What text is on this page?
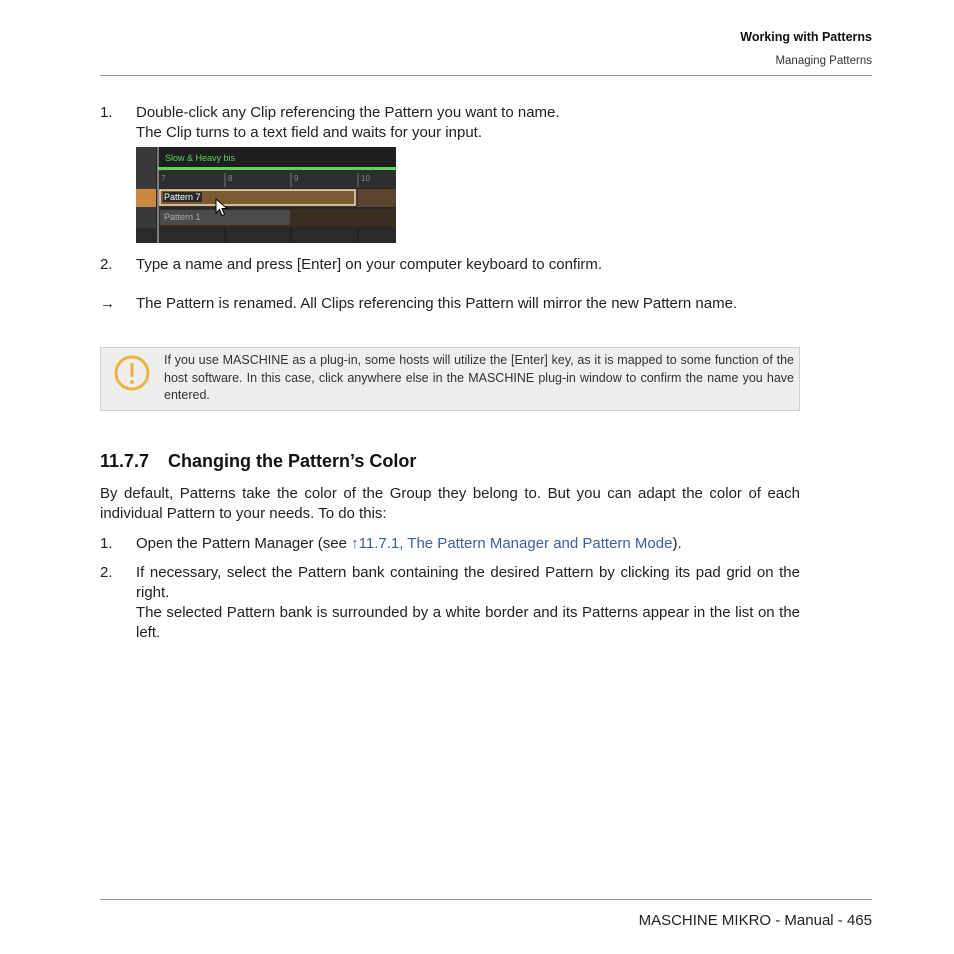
Working with Patterns
Managing Patterns
1. Double-click any Clip referencing the Pattern you want to name.
The Clip turns to a text field and waits for your input.
Slow & Heavy bis
7	8	9	10
Pattern 7
Pattern 1
2. Type a name and press [Enter] on your computer keyboard to confirm.
→ The Pattern is renamed. All Clips referencing this Pattern will mirror the new Pattern name.
If you use MASCHINE as a plug-in, some hosts will utilize the [Enter] key, as it is mapped to some function of the host software. In this case, click anywhere else in the MASCHINE plug-in window to confirm the name you have entered.
11.7.7 Changing the Pattern’s Color
By default, Patterns take the color of the Group they belong to. But you can adapt the color of each individual Pattern to your needs. To do this:
1. Open the Pattern Manager (see ↑11.7.1, The Pattern Manager and Pattern Mode).
2. If necessary, select the Pattern bank containing the desired Pattern by clicking its pad grid on the right.
The selected Pattern bank is surrounded by a white border and its Patterns appear in the list on the left.
MASCHINE MIKRO - Manual - 465
